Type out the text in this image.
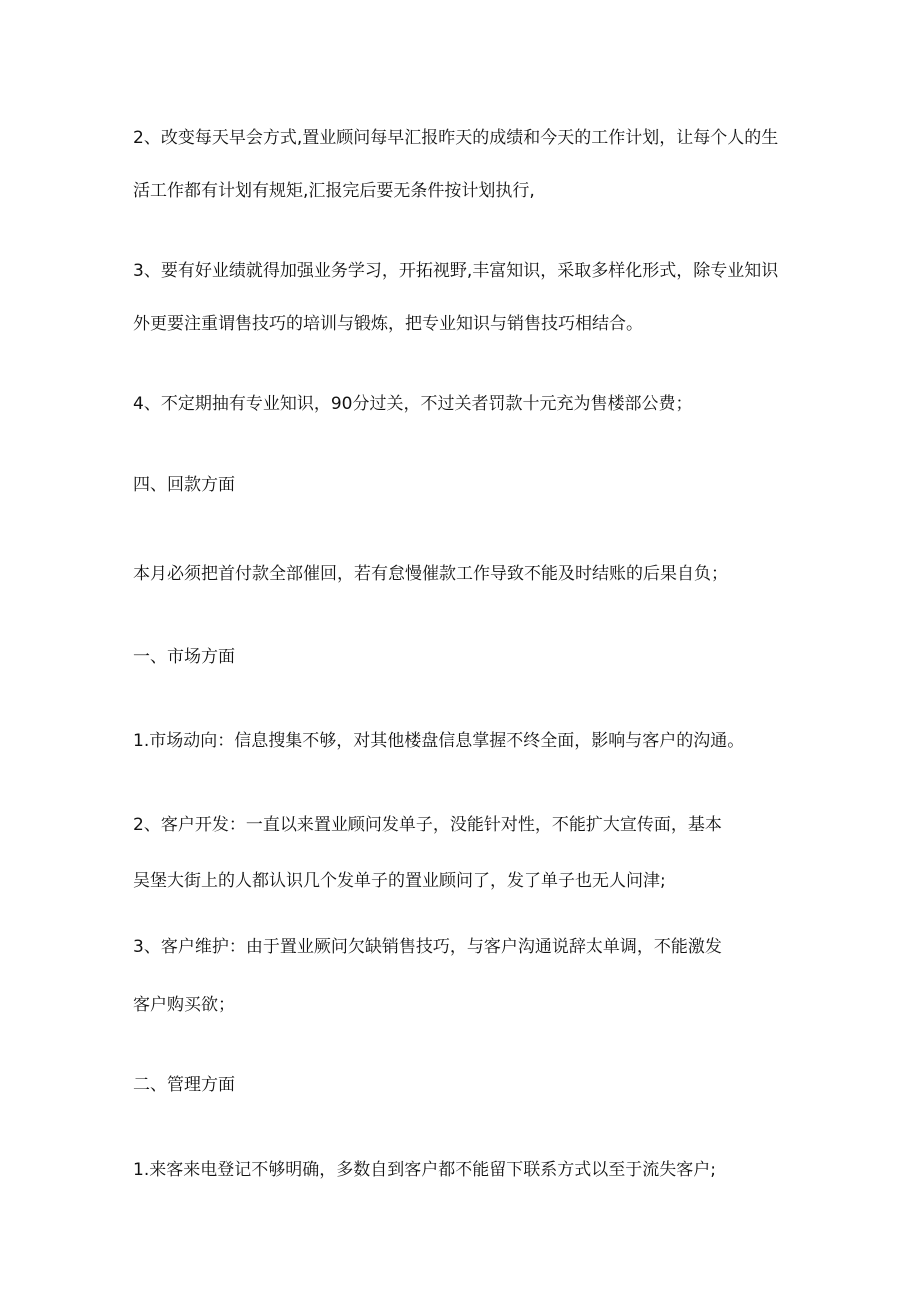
2、改变每天早会方式,置业顾问每早汇报昨天的成绩和今天的工作计划，让每个人的生

活工作都有计划有规矩,汇报完后要无条件按计划执行,

3、要有好业绩就得加强业务学习，开拓视野,丰富知识，采取多样化形式，除专业知识

外更要注重谓售技巧的培训与锻炼，把专业知识与销售技巧相结合。

4、不定期抽有专业知识，90分过关，不过关者罚款十元充为售楼部公费；

四、回款方面

本月必须把首付款全部催回，若有怠慢催款工作导致不能及时结账的后果自负；

一、市场方面

1.市场动向：信息搜集不够，对其他楼盘信息掌握不终全面，影响与客户的沟通。

2、客户开发：一直以来置业顾问发单子，没能针对性，不能扩大宣传面，基本

吴堡大街上的人都认识几个发单子的置业顾问了，发了单子也无人问津;

3、客户维护：由于置业厥问欠缺销售技巧，与客户沟通说辞太单调，不能激发

客户购买欲；

二、管理方面

1.来客来电登记不够明确，多数自到客户都不能留下联系方式以至于流失客户;
